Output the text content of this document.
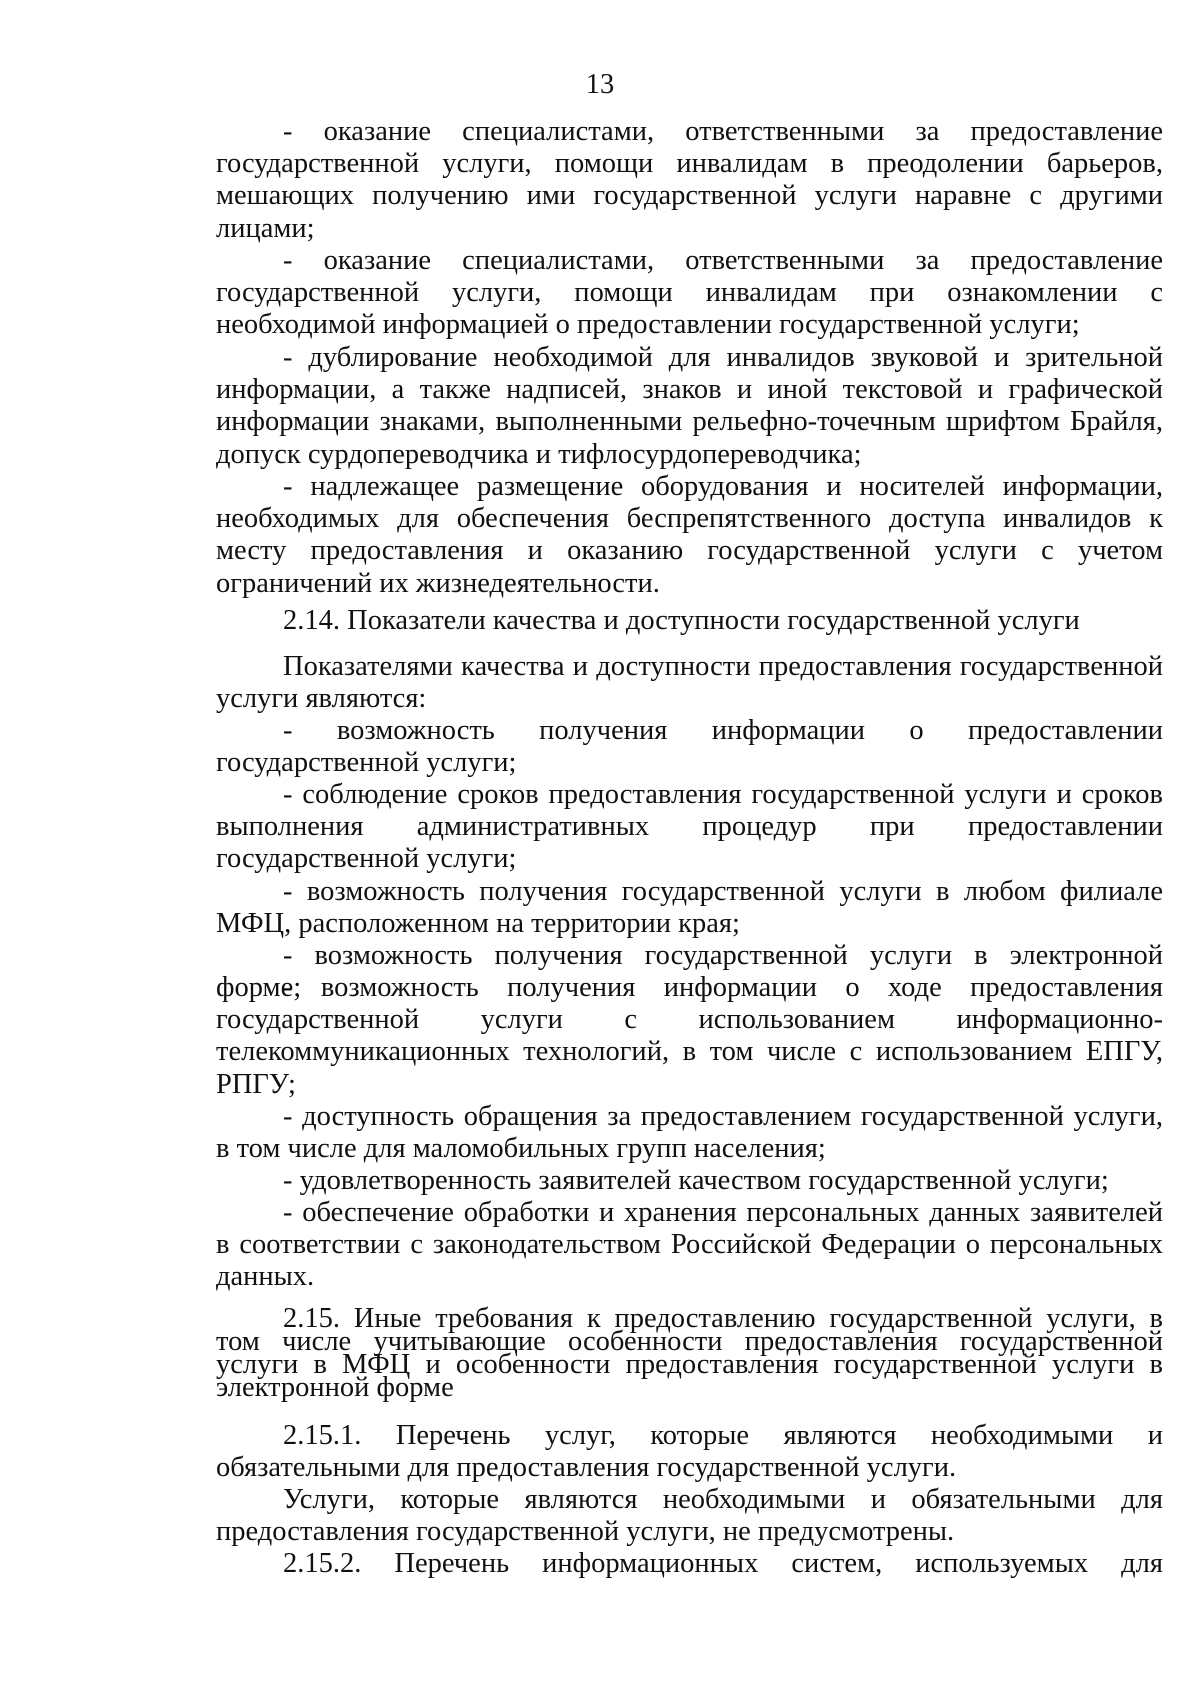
13

- оказание специалистами, ответственными за предоставление государственной услуги, помощи инвалидам в преодолении барьеров, мешающих получению ими государственной услуги наравне с другими лицами;

- оказание специалистами, ответственными за предоставление государственной услуги, помощи инвалидам при ознакомлении с необходимой информацией о предоставлении государственной услуги;

- дублирование необходимой для инвалидов звуковой и зрительной информации, а также надписей, знаков и иной текстовой и графической информации знаками, выполненными рельефно-точечным шрифтом Брайля, допуск сурдопереводчика и тифлосурдопереводчика;

- надлежащее размещение оборудования и носителей информации, необходимых для обеспечения беспрепятственного доступа инвалидов к месту предоставления и оказанию государственной услуги с учетом ограничений их жизнедеятельности.

2.14. Показатели качества и доступности государственной услуги

Показателями качества и доступности предоставления государственной услуги являются:

- возможность получения информации о предоставлении государственной услуги;

- соблюдение сроков предоставления государственной услуги и сроков выполнения административных процедур при предоставлении государственной услуги;

- возможность получения государственной услуги в любом филиале МФЦ, расположенном на территории края;

- возможность получения государственной услуги в электронной форме;

- возможность получения информации о ходе предоставления государственной услуги с использованием информационно-телекоммуникационных технологий, в том числе с использованием ЕПГУ, РПГУ;

- доступность обращения за предоставлением государственной услуги, в том числе для маломобильных групп населения;

- удовлетворенность заявителей качеством государственной услуги;

- обеспечение обработки и хранения персональных данных заявителей в соответствии с законодательством Российской Федерации о персональных данных.

2.15. Иные требования к предоставлению государственной услуги, в том числе учитывающие особенности предоставления государственной услуги в МФЦ и особенности предоставления государственной услуги в электронной форме

2.15.1. Перечень услуг, которые являются необходимыми и обязательными для предоставления государственной услуги.

Услуги, которые являются необходимыми и обязательными для предоставления государственной услуги, не предусмотрены.

2.15.2. Перечень информационных систем, используемых для
